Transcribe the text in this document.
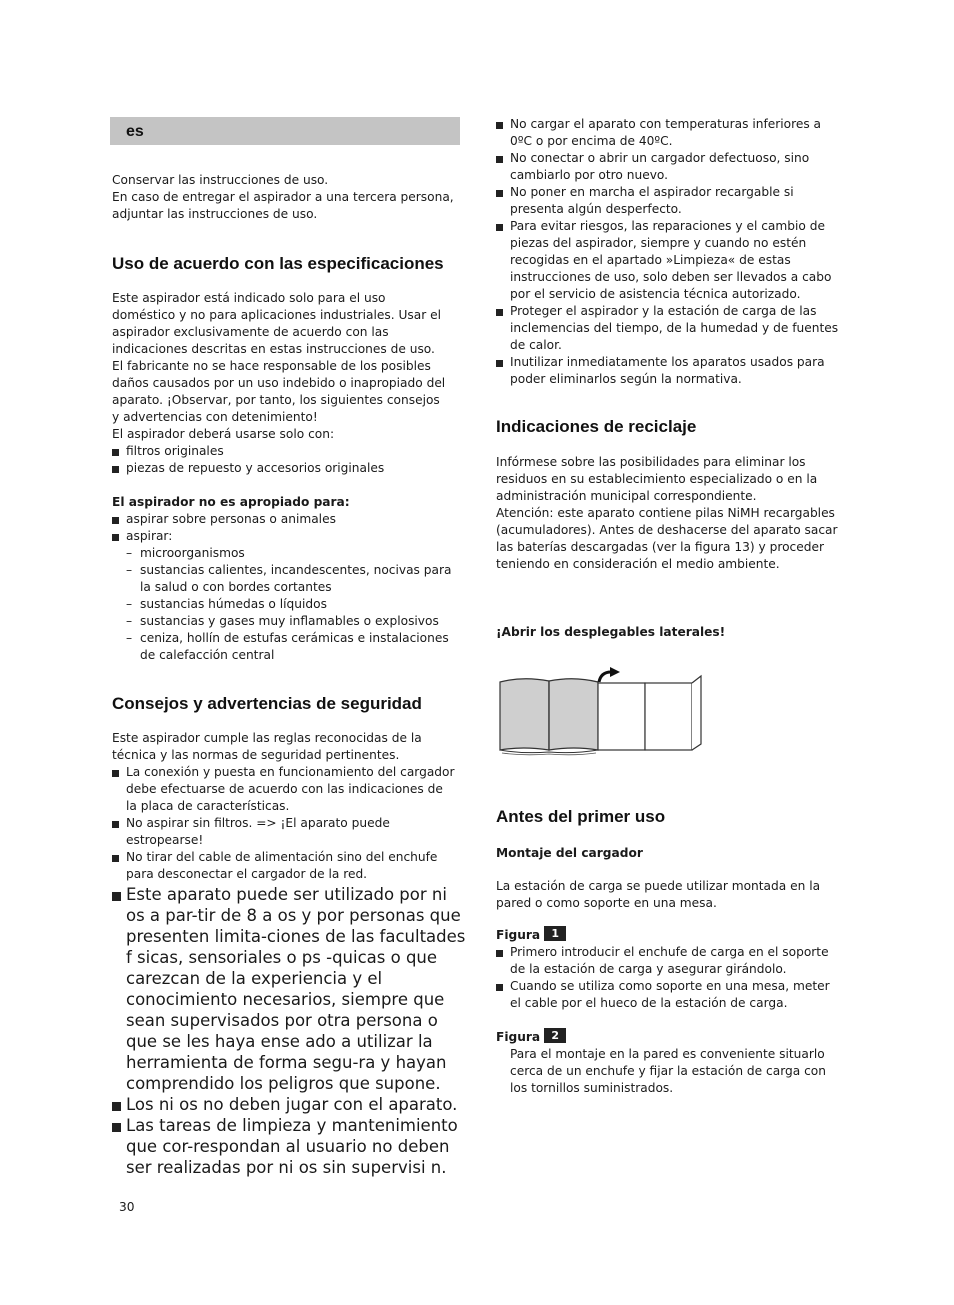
es

Conservar las instrucciones de uso.

En caso de entregar el aspirador a una tercera persona,

adjuntar las instrucciones de uso.

Uso de acuerdo con las especificaciones

Este aspirador está indicado solo para el uso

doméstico y no para aplicaciones industriales. Usar el

aspirador exclusivamente de acuerdo con las

indicaciones descritas en estas instrucciones de uso.

El fabricante no se hace responsable de los posibles

daños causados por un uso indebido o inapropiado del

aparato. ¡Observar, por tanto, los siguientes consejos

y advertencias con detenimiento!

El aspirador deberá usarse solo con:

filtros originales
piezas de repuesto y accesorios originales

El aspirador no es apropiado para:

aspirar sobre personas o animales
aspirar:
– microorganismos
– sustancias calientes, incandescentes, nocivas para
la salud o con bordes cortantes
– sustancias húmedas o líquidos
– sustancias y gases muy inflamables o explosivos
– ceniza, hollín de estufas cerámicas e instalaciones
de calefacción central
Consejos y advertencias de seguridad

Este aspirador cumple las reglas reconocidas de la

técnica y las normas de seguridad pertinentes.

La conexión y puesta en funcionamiento del cargador
debe efectuarse de acuerdo con las indicaciones de
la placa de características.
No aspirar sin filtros. => ¡El aparato puede
estropearse!
No tirar del cable de alimentación sino del enchufe
para desconectar el cargador de la red.
Este aparato puede ser utilizado por ni
os a par-tir de 8 a os y por personas que
presenten limita-ciones de las facultades
f sicas, sensoriales o ps -quicas o que
carezcan de la experiencia y el
conocimiento necesarios, siempre que
sean supervisados por otra persona o
que se les haya ense ado a utilizar la
herramienta de forma segu-ra y hayan
comprendido los peligros que supone.
Los ni os no deben jugar con el aparato.
Las tareas de limpieza y mantenimiento
que cor-respondan al usuario no deben
ser realizadas por ni os sin supervisi n.
30
No cargar el aparato con temperaturas inferiores a
0ºC o por encima de 40ºC.
No conectar o abrir un cargador defectuoso, sino
cambiarlo por otro nuevo.
No poner en marcha el aspirador recargable si
presenta algún desperfecto.
Para evitar riesgos, las reparaciones y el cambio de
piezas del aspirador, siempre y cuando no estén
recogidas en el apartado »Limpieza« de estas
instrucciones de uso, solo deben ser llevados a cabo
por el servicio de asistencia técnica autorizado.
Proteger el aspirador y la estación de carga de las
inclemencias del tiempo, de la humedad y de fuentes
de calor.
Inutilizar inmediatamente los aparatos usados para
poder eliminarlos según la normativa.
Indicaciones de reciclaje

Infórmese sobre las posibilidades para eliminar los

residuos en su establecimiento especializado o en la

administración municipal correspondiente.

Atención: este aparato contiene pilas NiMH recargables

(acumuladores). Antes de deshacerse del aparato sacar

las baterías descargadas (ver la figura 13) y proceder

teniendo en consideración el medio ambiente.

¡Abrir los desplegables laterales!

Antes del primer uso

Montaje del cargador

La estación de carga se puede utilizar montada en la

pared o como soporte en una mesa.

Figura 1

Primero introducir el enchufe de carga en el soporte
de la estación de carga y asegurar girándolo.
Cuando se utiliza como soporte en una mesa, meter
el cable por el hueco de la estación de carga.

Figura 2

Para el montaje en la pared es conveniente situarlo

cerca de un enchufe y fijar la estación de carga con

los tornillos suministrados.
